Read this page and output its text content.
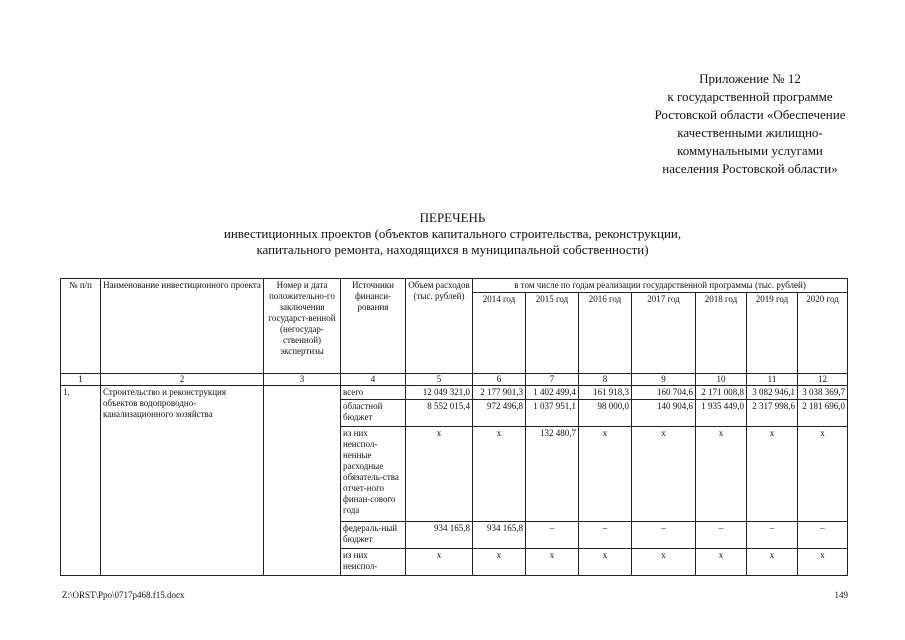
Приложение № 12
к государственной программе
Ростовской области «Обеспечение
качественными жилищно-
коммунальными услугами
населения Ростовской области»
ПЕРЕЧЕНЬ
инвестиционных проектов (объектов капитального строительства, реконструкции,
капитального ремонта, находящихся в муниципальной собственности)
№ п/п	Наименование инвестиционного проекта	Номер и дата положительно-го заключения государст-венной (негосудар-ственной) экспертизы	Источники финанси-рования	Объем расходов (тыс. рублей)	в том числе по годам реализации государственной программы (тыс. рублей)						
					2014 год	2015 год	2016 год	2017 год	2018 год	2019 год	2020 год
1	2	3	4	5	6	7	8	9	10	11	12
1.	Строительство и реконструкция объектов водопроводно-канализационного хозяйства		всего	12 049 321,0	2 177 901,3	1 402 499,4	161 918,3	160 704,6	2 171 008,8	3 082 946,1	3 038 369,7
			областной бюджет	8 552 015,4	972 496,8	1 037 951,1	98 000,0	140 904,6	1 935 449,0	2 317 998,6	2 181 696,0
			из них неиспол-ненные расходные обязатель-ства отчет-ного финан-сового года	х	х	132 480,7	х	х	х	х	х
			федераль-ный бюджет	934 165,8	934 165,8	–	–	–	–	–	–
			из них неиспол-	х	х	х	х	х	х	х	х
Z:\ORST\Ppo\0717p468.f15.docx	149
